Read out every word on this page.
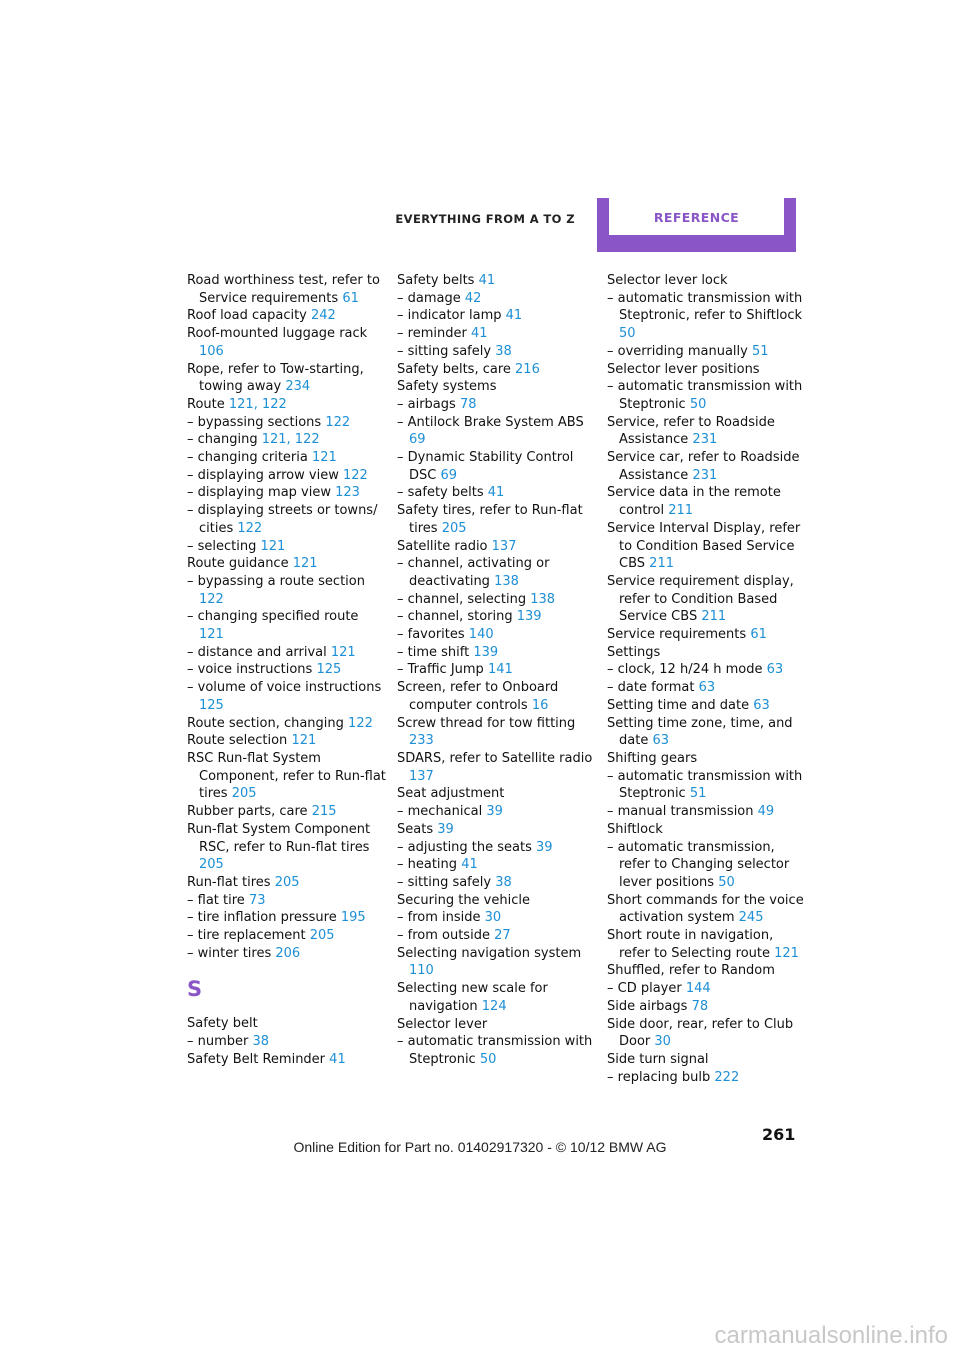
EVERYTHING FROM A TO Z	REFERENCE
Road worthiness test, refer to Service requirements 61
Roof load capacity 242
Roof-mounted luggage rack 106
Rope, refer to Tow-starting, towing away 234
Route 121, 122
– bypassing sections 122
– changing 121, 122
– changing criteria 121
– displaying arrow view 122
– displaying map view 123
– displaying streets or towns/ cities 122
– selecting 121
Route guidance 121
– bypassing a route section 122
– changing specified route 121
– distance and arrival 121
– voice instructions 125
– volume of voice instructions 125
Route section, changing 122
Route selection 121
RSC Run-flat System Component, refer to Run-flat tires 205
Rubber parts, care 215
Run-flat System Component RSC, refer to Run-flat tires 205
Run-flat tires 205
– flat tire 73
– tire inflation pressure 195
– tire replacement 205
– winter tires 206
S
Safety belt
– number 38
Safety Belt Reminder 41
Safety belts 41
– damage 42
– indicator lamp 41
– reminder 41
– sitting safely 38
Safety belts, care 216
Safety systems
– airbags 78
– Antilock Brake System ABS 69
– Dynamic Stability Control DSC 69
– safety belts 41
Safety tires, refer to Run-flat tires 205
Satellite radio 137
– channel, activating or deactivating 138
– channel, selecting 138
– channel, storing 139
– favorites 140
– time shift 139
– Traffic Jump 141
Screen, refer to Onboard computer controls 16
Screw thread for tow fitting 233
SDARS, refer to Satellite radio 137
Seat adjustment
– mechanical 39
Seats 39
– adjusting the seats 39
– heating 41
– sitting safely 38
Securing the vehicle
– from inside 30
– from outside 27
Selecting navigation system 110
Selecting new scale for navigation 124
Selector lever
– automatic transmission with Steptronic 50
Selector lever lock
– automatic transmission with Steptronic, refer to Shiftlock 50
– overriding manually 51
Selector lever positions
– automatic transmission with Steptronic 50
Service, refer to Roadside Assistance 231
Service car, refer to Roadside Assistance 231
Service data in the remote control 211
Service Interval Display, refer to Condition Based Service CBS 211
Service requirement display, refer to Condition Based Service CBS 211
Service requirements 61
Settings
– clock, 12 h/24 h mode 63
– date format 63
Setting time and date 63
Setting time zone, time, and date 63
Shifting gears
– automatic transmission with Steptronic 51
– manual transmission 49
Shiftlock
– automatic transmission, refer to Changing selector lever positions 50
Short commands for the voice activation system 245
Short route in navigation, refer to Selecting route 121
Shuffled, refer to Random
– CD player 144
Side airbags 78
Side door, rear, refer to Club Door 30
Side turn signal
– replacing bulb 222
261
Online Edition for Part no. 01402917320 - © 10/12 BMW AG
carmanualsonline.info
